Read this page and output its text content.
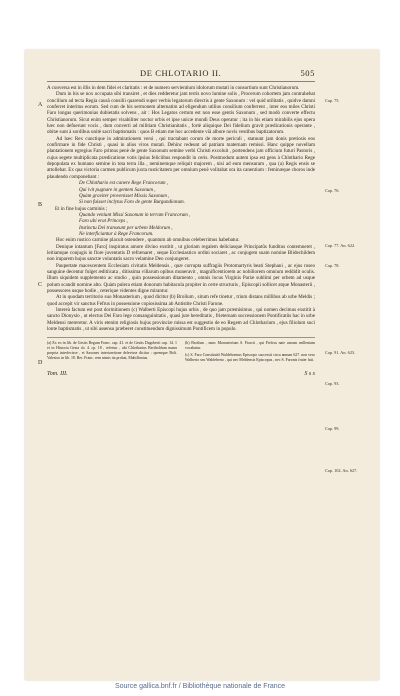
DE CHLOTARIO II.	505

A conversa est in illis in dem fidei et claritatis : et de numero servientium idolorum mutati in consortium sunt Christianorum.

Dum in his se nox occupata sibi transiret , et dies redderetur jam terris novo lumine solis , Procerum cohortem jam contrahebat concilium ad tecta Regia causâ consilii quarendi super verbis legatorum directis à gente Saxonum : vel quid utilitatis , quidve damni conferret interitus eorum. Sed cum de his sermonem alternatim ad eligendum utilius consilium conferrent , inter eos miles Christi Faro longas querimonias dubietatis solvens , ait : Hos Legatos certum est non esse gentis Saxonum , sed modò converte effectu Christianorum. Sicut enim semper visabiliter noctur orbis et ipse unicæ mundi Deus operatur ; ita in his etiam mirabilis ejus opera hæc non defuerunt vocis , dum converti ad militiam Christianitatis , fortè aliquique Dei fidelium gravit prædicationis operante , obitæ sunt à sordibus unitè sacri baptismatis : quos B etiam me hoc accedente viâ albore novis vestibus baptizatorum.

Ad hæc Rex cunctique in admirationem versi , qui tractabant corum de morte periculi , statuunt jam donis pretiosis eos confirmare in fide Christi , quasi in alios viros mutati. Dehinc redeunt ad patriam maternam remissi. Hanc quippe novellam plantationem egregius Faro primus penè de gente Saxonum semine verbi Christi excoluit , portendens jam officium futuri Pastoris , cujus segete multiplicata prædicatione votis ipsius feliciibus respondit in ceris. Postmodum autem ipsa est gens à Chlothario Rege depopulata ex humano semine in tota terra illa , neminemque reliquit majorem , nisi ad eum mensuram , qua (a) Regis ensis se attollebat. Ex qua victoria carmen publicum juxta rusticitatem per omnium penè volitabat ora ita canentium : feminæque choros inde plaudendo componebant :

De Chlothario est canere Rege Francorum ,
Qui ivit pugnare in gentem Saxonum ,
Quàm graviter provenisset Missis Saxonum ,
Si non fuisset inclytus Faro de gente Burgundionum.
Et in fine hujus carminis ;
Quando veniunt Missi Saxonum in terram Francorum ,
Faro ubi erat Princeps ,
Instinctu Dei transeunt per urbem Meldorum ,
Ne interficiantur à Rege Francorum.

Hoc enim rustico carmine placuit ostendere , quantum ab omnibus celeberrimus habebatur.

Denique intantum [Faro] inspiratus amore divino exstitit , ut gloriam regalem deliciasque Principatûs funditus contemneret , leitiamque conjugis in flore juventutis D refrænaret , seque Ecclesiastico ordini sociaret , ac conjugem suam nomine Blidechildem non imparem hujus sanctæ voluntatis sacro velamine Deo conjungeret.

Paupertate macescentem Ecclesiam civitatis Meldensis , quæ corrupta suffragiis Protomartyris beati Stephani , ac ejus roseo sanguine decentur fulget æditiicata , ditissima villarum opibus muneravit , magnificentiorem ac nobiliorem omnium reddidit oculis. Illum siquidem supplemento ac studio , quin possessionum ditamento , omnis locus Virginis Pariæ sublimi per orbem ad usque polum scandit nomine alto. Quàm pulera etiam donorum habitacula propiter in certe structuris , Episcopii sollicet atque Monasterii , possessores usque hodie , ceterique videntes digne mirantur.

At in quodam territorio suo Monasterium , quod dicitur (b) Broilum , situm refe tinetur , trium distans millibus ab urbe Meldis ; quod accepit vir sanctus Fefrus in possessione copiosissima ab Antistite Christi Farone.

Intereà factum est post dormitionem (c) Walberti Episcopi hujus urbis , de quo jam præmisimus , qui nomen decimus exstitit à sancto Dionysio , ut electus Dei Faro lege consanguinitatis , quasi jure hereditatis , frieternam successionem Pontificatûs hac in urbe Meldensi mereretur. A viris etenim religiosis hujus provinciæ missa est suggestio de eo Regem ad Chlotharium , ejus filiolum suci lonte baptismatis , ut sibi assensu præberet constituendum dignissimum Pontificem in populo.

(a) Ex eo in lib. de Gestis Regum Franc. cap. 41. et de Gestis Dagoberti cap. 14. 1 et in Historia Gesta cb. 4. cp. 18 , refertur , ubi Chlotharius Bertholdum manu propria interfecisse , et Saxones interiaretione delevisse dicitur : quemque Bolt. Valesius in lib. 18. Rer. Franc. rem nimis ita probat, Mabillonius.
(b) Broilum , nunc Monasterium S. Fiacrii , qui Fiefrus nate uncum millenium vocabatur.
(c) S. Faro Constituitâ Waldeboenus Episcopo successit circa annum 627. non vero Walberto seu Waldeberto , qui nec Meldensis Episcopus , nec S. Faronis frater fuit.
Tom. III.	S s s
A
B
C
D
Cap. 75.
Cap. 76.
Cap. 77. An. 622.
Cap. 78.
Cap. 91. An. 623.
Cap. 93.
Cap. 99.
Cap. 102. An. 627.
Source gallica.bnf.fr / Bibliothèque nationale de France
